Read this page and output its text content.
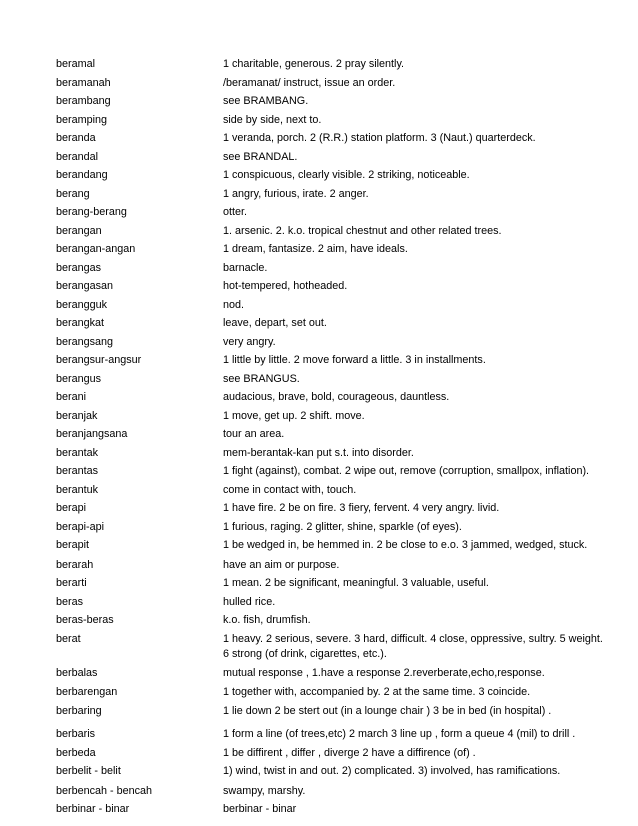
beramal	1 charitable, generous. 2 pray silently.
beramanah	/beramanat/ instruct, issue an order.
berambang	see BRAMBANG.
beramping	side by side, next to.
beranda	1 veranda, porch. 2 (R.R.) station platform. 3 (Naut.) quarterdeck.
berandal	see BRANDAL.
berandang	1 conspicuous, clearly visible. 2 striking, noticeable.
berang	1 angry, furious, irate. 2 anger.
berang-berang	otter.
berangan	1. arsenic. 2. k.o. tropical chestnut and other related trees.
berangan-angan	1 dream, fantasize. 2 aim, have ideals.
berangas	barnacle.
berangasan	hot-tempered, hotheaded.
berangguk	nod.
berangkat	leave, depart, set out.
berangsang	very angry.
berangsur-angsur	1 little by little. 2 move forward a little. 3 in installments.
berangus	see BRANGUS.
berani	audacious, brave, bold, courageous, dauntless.
beranjak	1 move, get up. 2 shift. move.
beranjangsana	tour an area.
berantak	mem-berantak-kan put s.t. into disorder.
berantas	1 fight (against), combat. 2 wipe out, remove (corruption, smallpox, inflation).
berantuk	come in contact with, touch.
berapi	1 have fire. 2 be on fire. 3 fiery, fervent. 4 very angry. livid.
berapi-api	1 furious, raging. 2 glitter, shine, sparkle (of eyes).
berapit	1 be wedged in, be hemmed in. 2 be close to e.o. 3 jammed, wedged, stuck.
berarah	have an aim or purpose.
berarti	1 mean. 2 be significant, meaningful. 3 valuable, useful.
beras	hulled rice.
beras-beras	k.o. fish, drumfish.
berat	1 heavy. 2 serious, severe. 3 hard, difficult. 4 close, oppressive, sultry. 5 weight. 6 strong (of drink, cigarettes, etc.).
berbalas	mutual response , 1.have a response 2.reverberate,echo,response.
berbarengan	1 together with, accompanied by. 2 at the same time. 3 coincide.
berbaring	1 lie down 2 be stert out (in a lounge chair ) 3 be in bed (in hospital) .
berbaris	1 form a line (of trees,etc) 2 march 3 line up , form a queue 4 (mil) to drill .
berbeda	1 be diffirent , differ , diverge 2 have a diffirence (of) .
berbelit - belit	1) wind, twist in and out. 2) complicated. 3) involved, has ramifications.
berbencah - bencah	swampy, marshy.
berbinar - binar	berbinar - binar
